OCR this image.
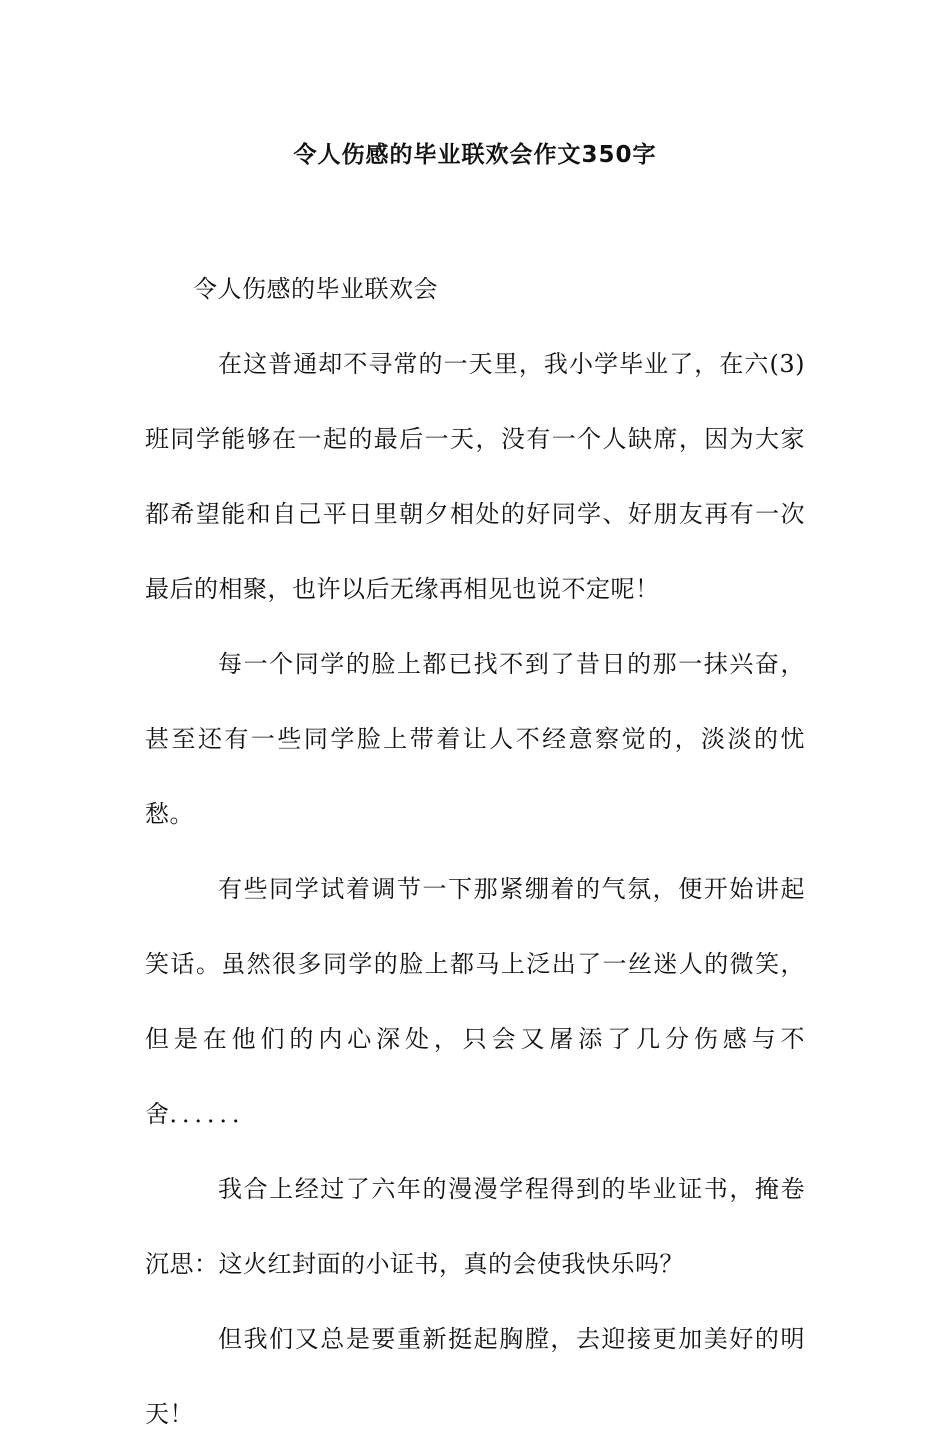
令人伤感的毕业联欢会作文350字

令人伤感的毕业联欢会

在这普通却不寻常的一天里，我小学毕业了，在六(3)班同学能够在一起的最后一天，没有一个人缺席，因为大家都希望能和自己平日里朝夕相处的好同学、好朋友再有一次最后的相聚，也许以后无缘再相见也说不定呢！

每一个同学的脸上都已找不到了昔日的那一抹兴奋，甚至还有一些同学脸上带着让人不经意察觉的，淡淡的忧愁。

有些同学试着调节一下那紧绷着的气氛，便开始讲起笑话。虽然很多同学的脸上都马上泛出了一丝迷人的微笑，但是在他们的内心深处，只会又屠添了几分伤感与不舍．．．．．．

我合上经过了六年的漫漫学程得到的毕业证书，掩卷沉思：这火红封面的小证书，真的会使我快乐吗？

但我们又总是要重新挺起胸膛，去迎接更加美好的明天！
